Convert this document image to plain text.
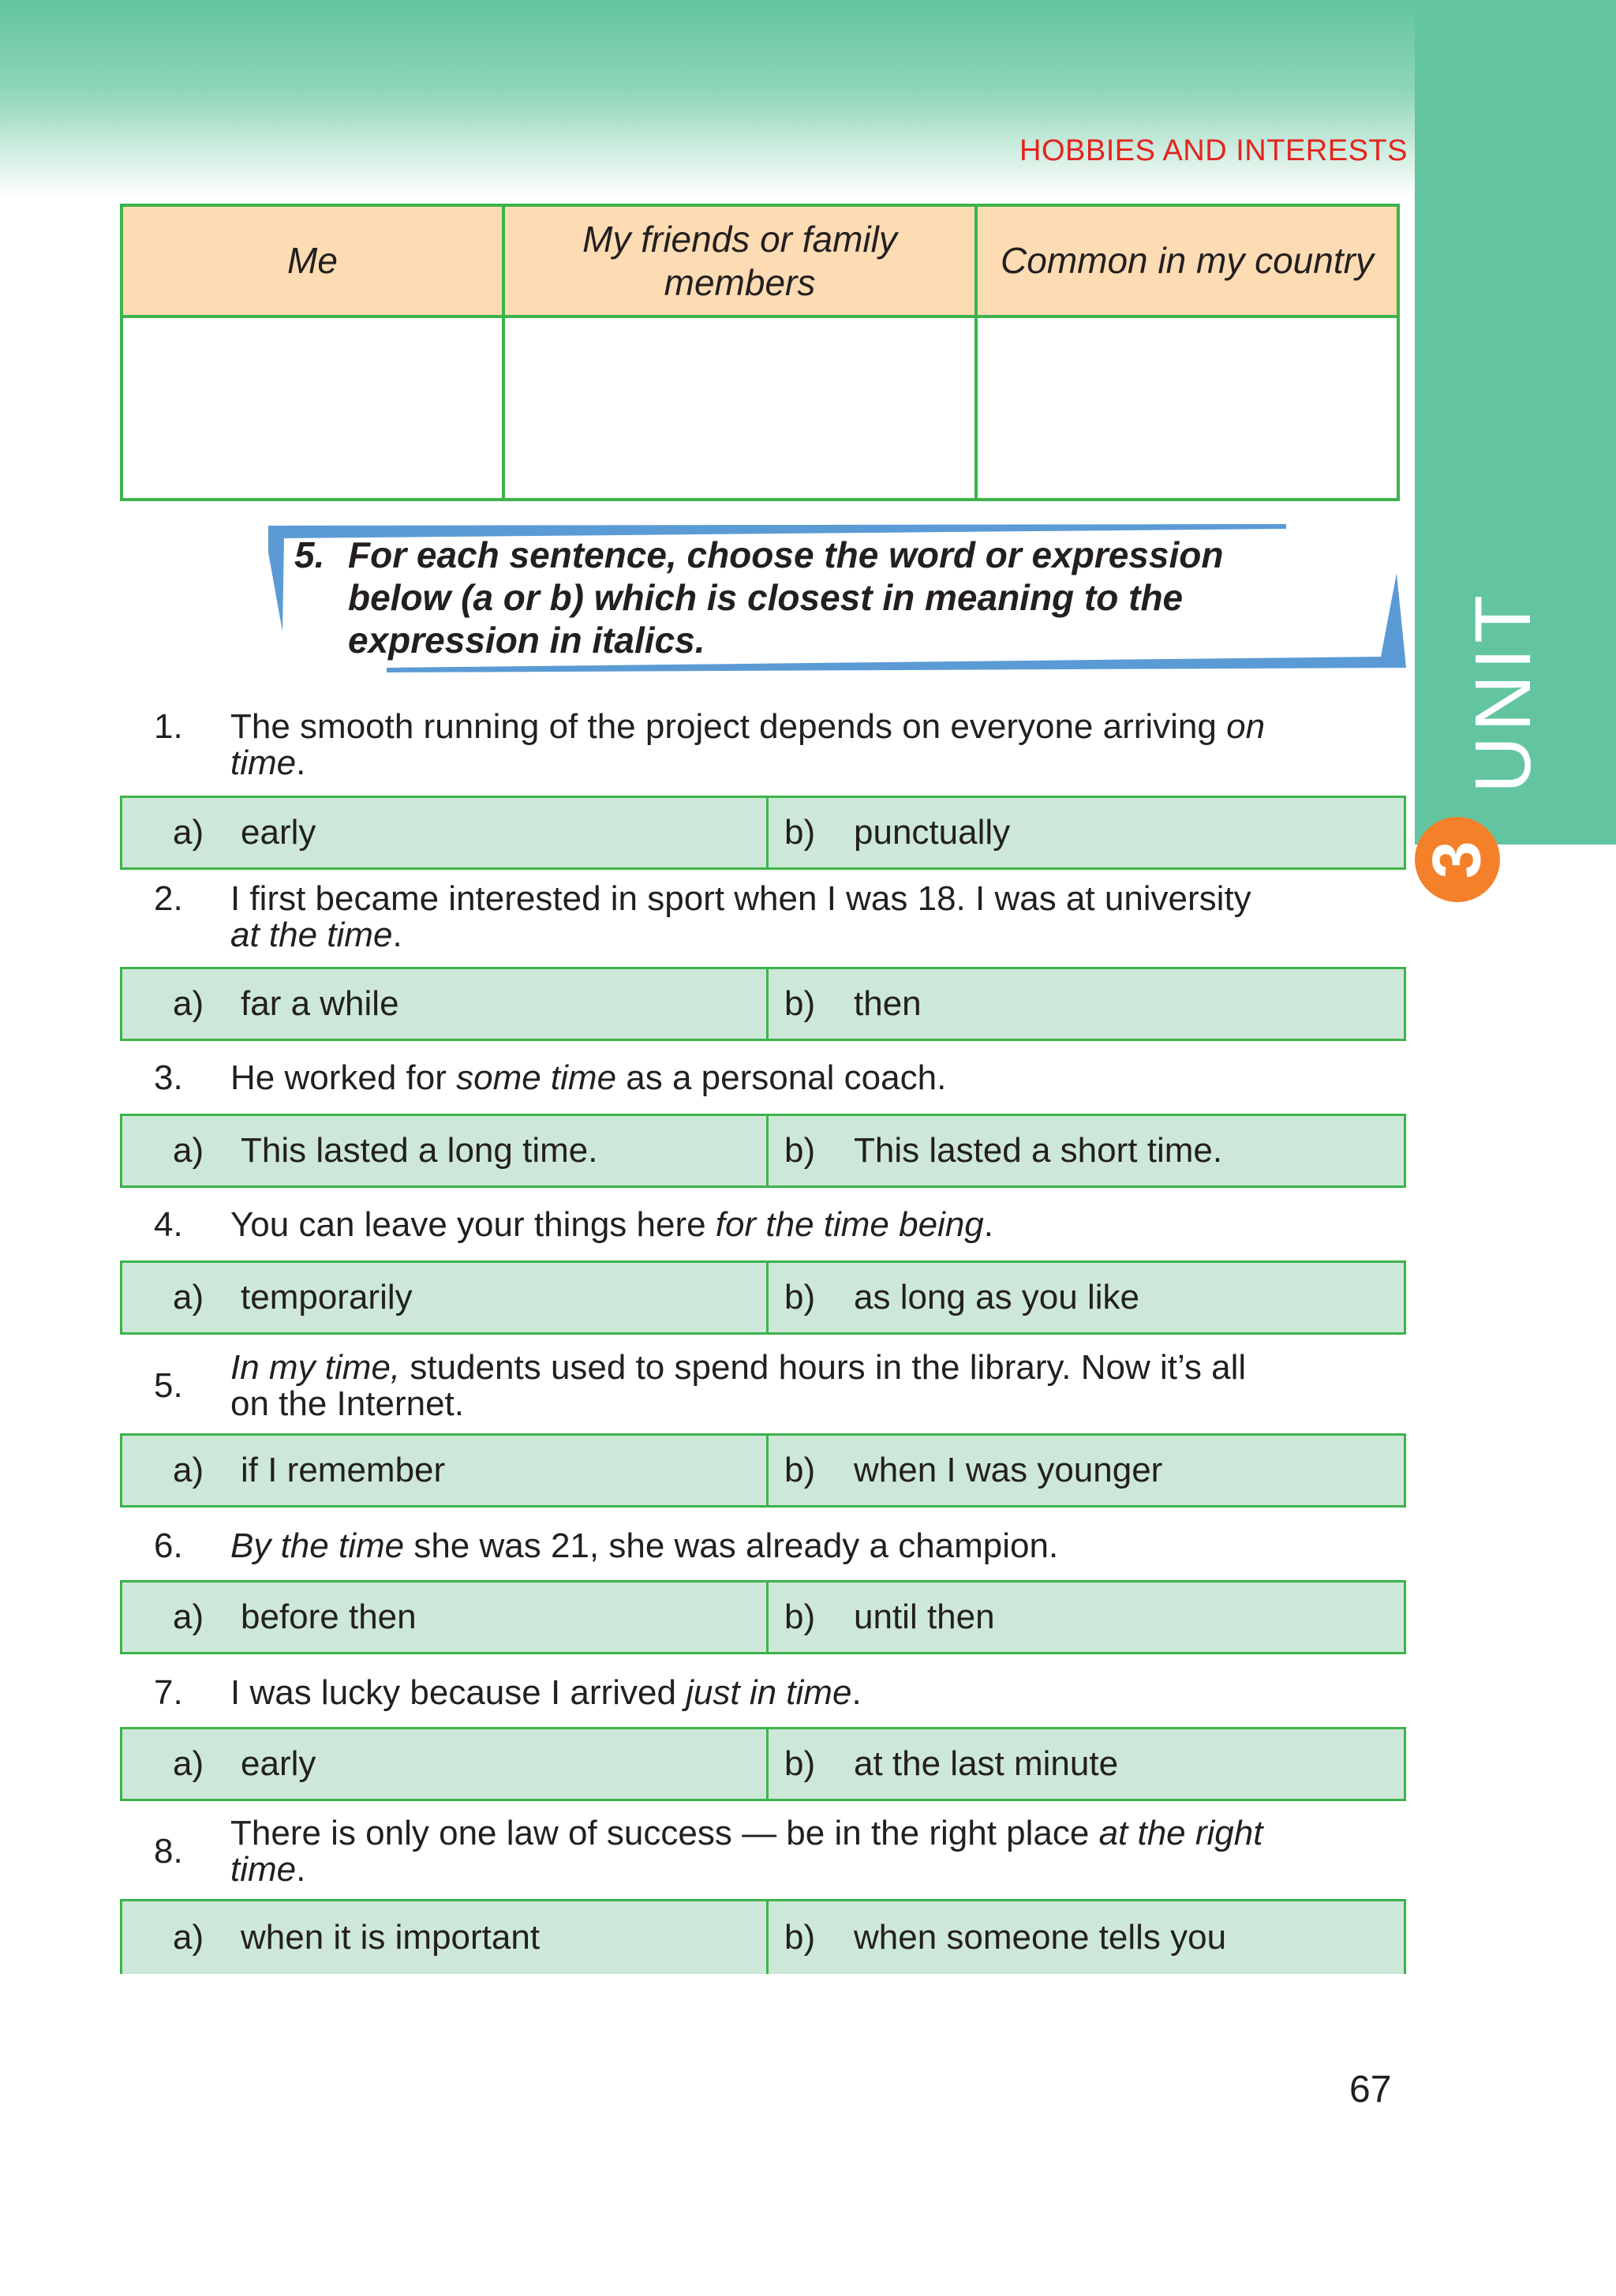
HOBBIES AND INTERESTS
UNIT
3
Me	My friends or family members	Common in my country

5. For each sentence, choose the word or expression
below (a or b) which is closest in meaning to the
expression in italics.
1.	The smooth running of the project depends on everyone arriving on
time.
a) early	b) punctually
2.	I first became interested in sport when I was 18. I was at university
at the time.
a) far a while	b) then
3.	He worked for some time as a personal coach.
a) This lasted a long time.	b) This lasted a short time.
4.	You can leave your things here for the time being.
a) temporarily	b) as long as you like
5.	In my time, students used to spend hours in the library. Now it’s all
on the Internet.
a) if I remember	b) when I was younger
6.	By the time she was 21, she was already a champion.
a) before then	b) until then
7.	I was lucky because I arrived just in time.
a) early	b) at the last minute
8.	There is only one law of success — be in the right place at the right
time.
a) when it is important	b) when someone tells you
67
